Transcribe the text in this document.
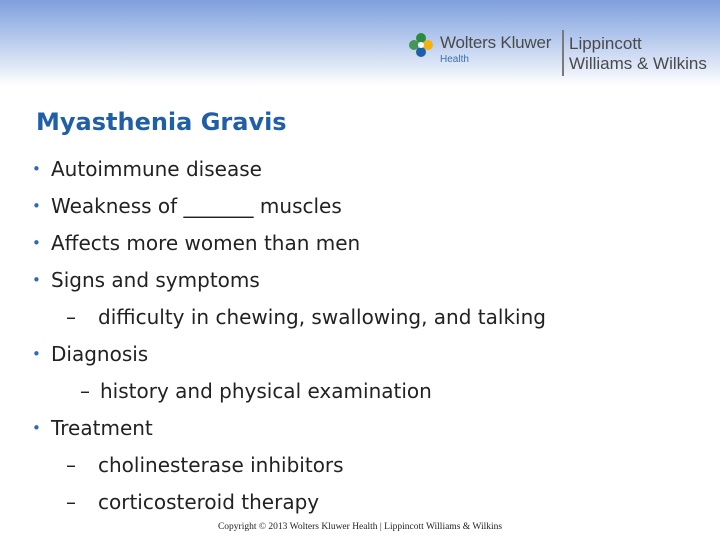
Wolters Kluwer
Health
Lippincott
Williams & Wilkins
Myasthenia Gravis
• Autoimmune disease
• Weakness of _______ muscles
• Affects more women than men
• Signs and symptoms
– difficulty in chewing, swallowing, and talking
• Diagnosis
– history and physical examination
• Treatment
– cholinesterase inhibitors
– corticosteroid therapy
Copyright © 2013 Wolters Kluwer Health | Lippincott Williams & Wilkins
